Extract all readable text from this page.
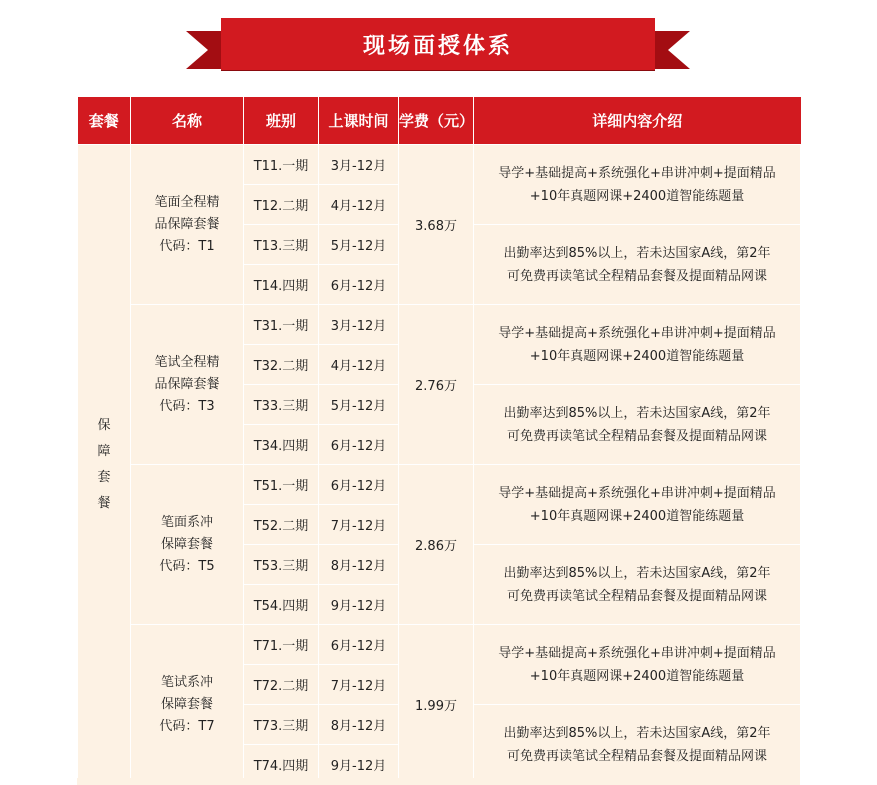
现场面授体系
套餐	名称	班别	上课时间	学费（元）	详细内容介绍
保
障
套
餐	笔面全程精
品保障套餐
代码：T1	T11.一期	3月-12月	3.68万	导学+基础提高+系统强化+串讲冲刺+提面精品
+10年真题网课+2400道智能练题量
		T12.二期	4月-12月		
		T13.三期	5月-12月		出勤率达到85%以上，若未达国家A线，第2年
可免费再读笔试全程精品套餐及提面精品网课
		T14.四期	6月-12月		
	笔试全程精
品保障套餐
代码：T3	T31.一期	3月-12月	2.76万	导学+基础提高+系统强化+串讲冲刺+提面精品
+10年真题网课+2400道智能练题量
		T32.二期	4月-12月		
		T33.三期	5月-12月		出勤率达到85%以上，若未达国家A线，第2年
可免费再读笔试全程精品套餐及提面精品网课
		T34.四期	6月-12月		
	笔面系冲
保障套餐
代码：T5	T51.一期	6月-12月	2.86万	导学+基础提高+系统强化+串讲冲刺+提面精品
+10年真题网课+2400道智能练题量
		T52.二期	7月-12月		
		T53.三期	8月-12月		出勤率达到85%以上，若未达国家A线，第2年
可免费再读笔试全程精品套餐及提面精品网课
		T54.四期	9月-12月		
	笔试系冲
保障套餐
代码：T7	T71.一期	6月-12月	1.99万	导学+基础提高+系统强化+串讲冲刺+提面精品
+10年真题网课+2400道智能练题量
		T72.二期	7月-12月		
		T73.三期	8月-12月		出勤率达到85%以上，若未达国家A线，第2年
可免费再读笔试全程精品套餐及提面精品网课
		T74.四期	9月-12月		
